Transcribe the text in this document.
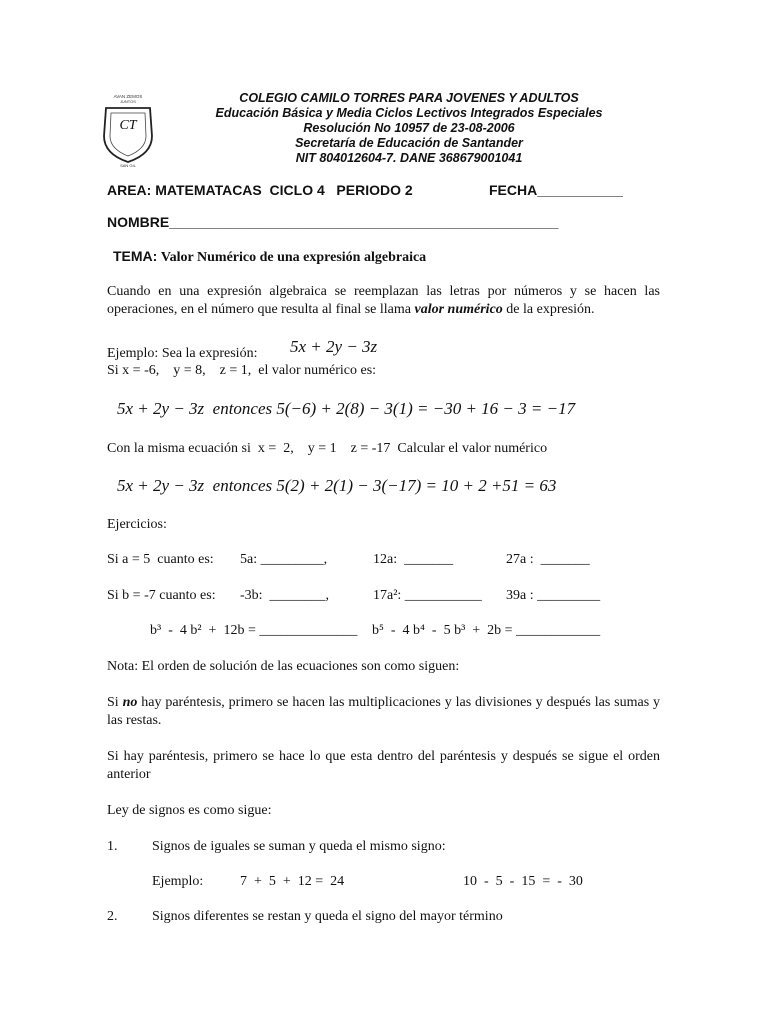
AVAN ZEMOS
JUNTOS
SAN GIL
CT
COLEGIO CAMILO TORRES PARA JOVENES Y ADULTOS
Educación Básica y Media Ciclos Lectivos Integrados Especiales
Resolución No 10957 de 23-08-2006
Secretaría de Educación de Santander
NIT 804012604-7. DANE 368679001041
AREA: MATEMATACAS  CICLO 4   PERIODO 2	FECHA___________
NOMBRE__________________________________________________
TEMA: Valor Numérico de una expresión algebraica
Cuando en una expresión algebraica se reemplazan las letras por números y se hacen las operaciones, en el número que resulta al final se llama valor numérico de la expresión.
Ejemplo: Sea la expresión: 5x + 2y − 3z
Si x = -6,    y = 8,    z = 1,  el valor numérico es:
5x + 2y − 3z  entonces 5(−6) + 2(8) − 3(1) = −30 + 16 − 3 = −17
Con la misma ecuación si  x =  2,    y = 1    z = -17  Calcular el valor numérico
5x + 2y − 3z  entonces 5(2) + 2(1) − 3(−17) = 10 + 2 +51 = 63
Ejercicios:
Si a = 5  cuanto es: 5a: _________,	12a:  _______	27a :  _______
Si b = -7 cuanto es: -3b:  ________,	17a²: ___________ 39a : _________
b³  -  4 b²  +  12b = ______________ b⁵  -  4 b⁴  -  5 b³  +  2b = ____________
Nota: El orden de solución de las ecuaciones son como siguen:
Si no hay paréntesis, primero se hacen las multiplicaciones y las divisiones y después las sumas y las restas.
Si hay paréntesis, primero se hace lo que esta dentro del paréntesis y después se sigue el orden anterior
Ley de signos es como sigue:
1. Signos de iguales se suman y queda el mismo signo:
Ejemplo:	7  +  5  +  12 =  24	10  -  5  -  15  =  -  30
2. Signos diferentes se restan y queda el signo del mayor término
